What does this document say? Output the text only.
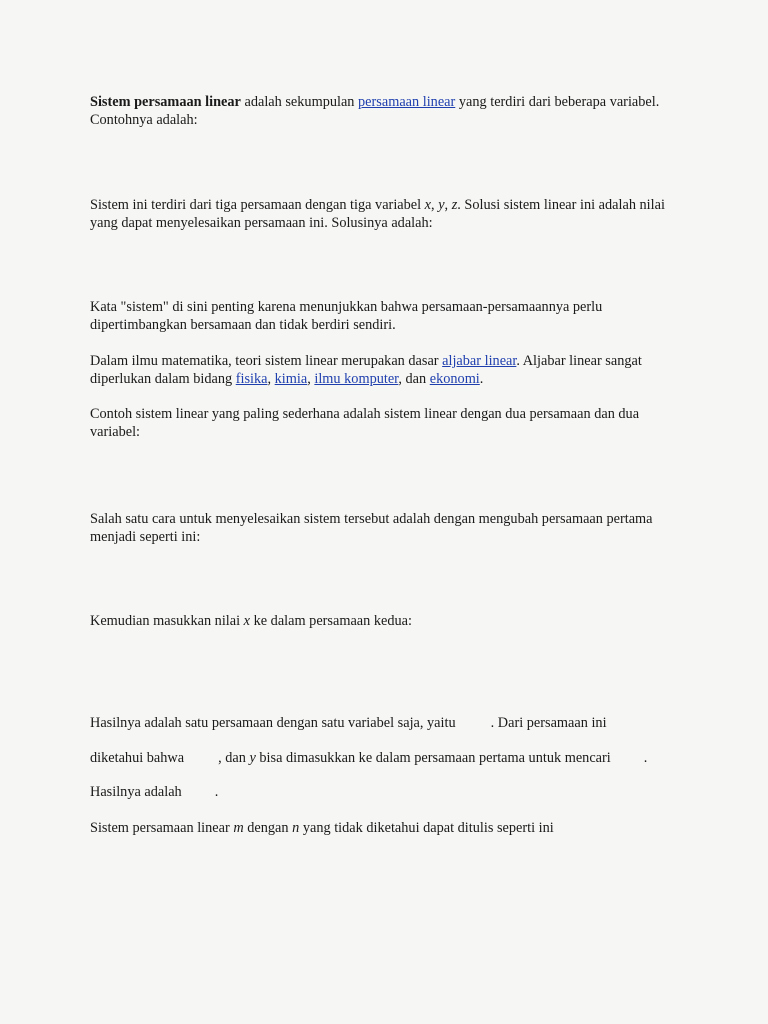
Sistem persamaan linear adalah sekumpulan persamaan linear yang terdiri dari beberapa variabel. Contohnya adalah:

Sistem ini terdiri dari tiga persamaan dengan tiga variabel x, y, z. Solusi sistem linear ini adalah nilai yang dapat menyelesaikan persamaan ini. Solusinya adalah:

Kata "sistem" di sini penting karena menunjukkan bahwa persamaan-persamaannya perlu dipertimbangkan bersamaan dan tidak berdiri sendiri.

Dalam ilmu matematika, teori sistem linear merupakan dasar aljabar linear. Aljabar linear sangat diperlukan dalam bidang fisika, kimia, ilmu komputer, dan ekonomi.

Contoh sistem linear yang paling sederhana adalah sistem linear dengan dua persamaan dan dua variabel:

Salah satu cara untuk menyelesaikan sistem tersebut adalah dengan mengubah persamaan pertama menjadi seperti ini:

Kemudian masukkan nilai x ke dalam persamaan kedua:

Hasilnya adalah satu persamaan dengan satu variabel saja, yaitu . Dari persamaan ini

diketahui bahwa , dan y bisa dimasukkan ke dalam persamaan pertama untuk mencari .

Hasilnya adalah .

Sistem persamaan linear m dengan n yang tidak diketahui dapat ditulis seperti ini
